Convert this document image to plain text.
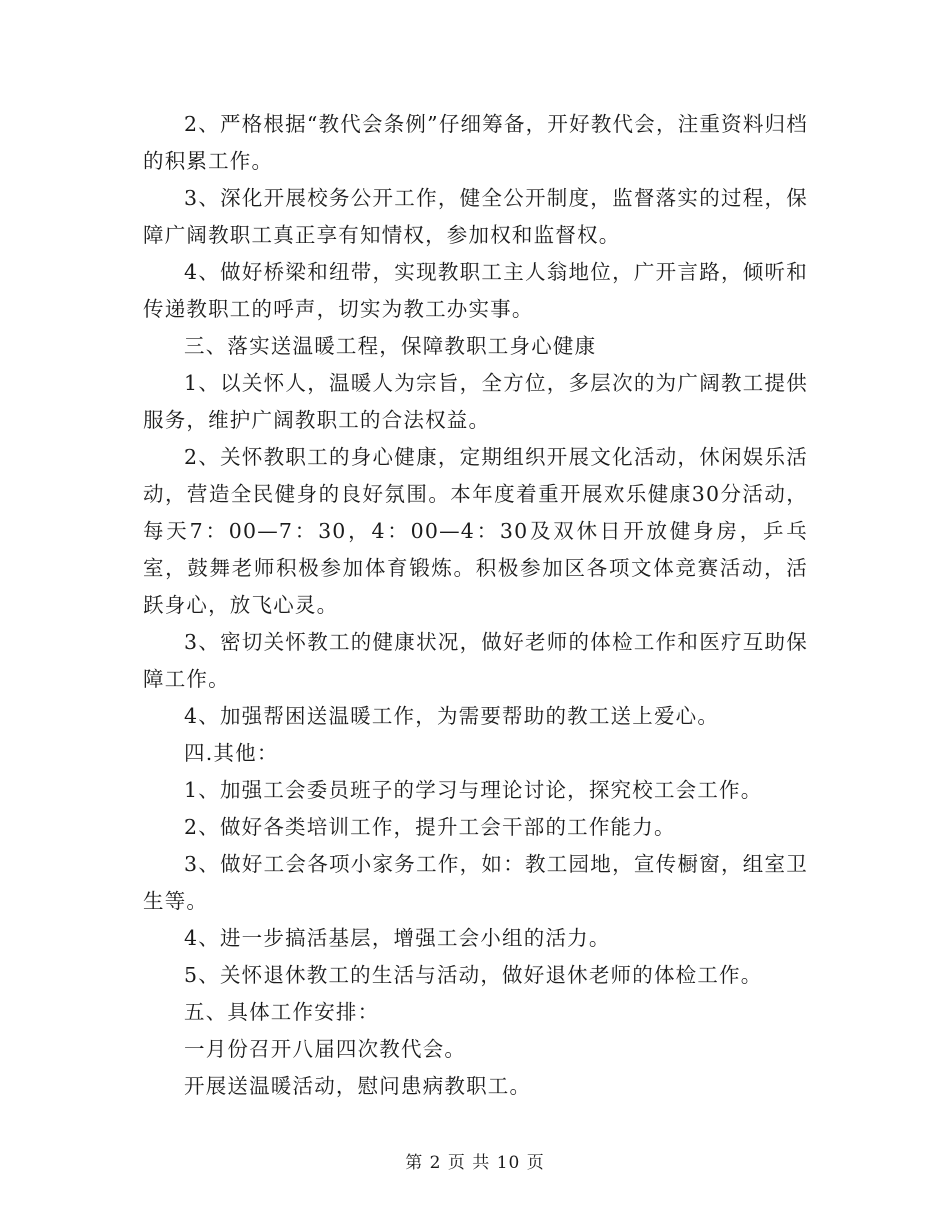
2、严格根据“教代会条例”仔细筹备，开好教代会，注重资料归档的积累工作。

3、深化开展校务公开工作，健全公开制度，监督落实的过程，保障广阔教职工真正享有知情权，参加权和监督权。

4、做好桥梁和纽带，实现教职工主人翁地位，广开言路，倾听和传递教职工的呼声，切实为教工办实事。

三、落实送温暖工程，保障教职工身心健康

1、以关怀人，温暖人为宗旨，全方位，多层次的为广阔教工提供服务，维护广阔教职工的合法权益。

2、关怀教职工的身心健康，定期组织开展文化活动，休闲娱乐活动，营造全民健身的良好氛围。本年度着重开展欢乐健康30分活动，每天7：00—7：30，4：00—4：30及双休日开放健身房，乒乓室，鼓舞老师积极参加体育锻炼。积极参加区各项文体竞赛活动，活跃身心，放飞心灵。

3、密切关怀教工的健康状况，做好老师的体检工作和医疗互助保障工作。

4、加强帮困送温暖工作，为需要帮助的教工送上爱心。

四.其他：

1、加强工会委员班子的学习与理论讨论，探究校工会工作。

2、做好各类培训工作，提升工会干部的工作能力。

3、做好工会各项小家务工作，如：教工园地，宣传橱窗，组室卫生等。

4、进一步搞活基层，增强工会小组的活力。

5、关怀退休教工的生活与活动，做好退休老师的体检工作。

五、具体工作安排：

一月份召开八届四次教代会。

开展送温暖活动，慰问患病教职工。

第 2 页 共 10 页
